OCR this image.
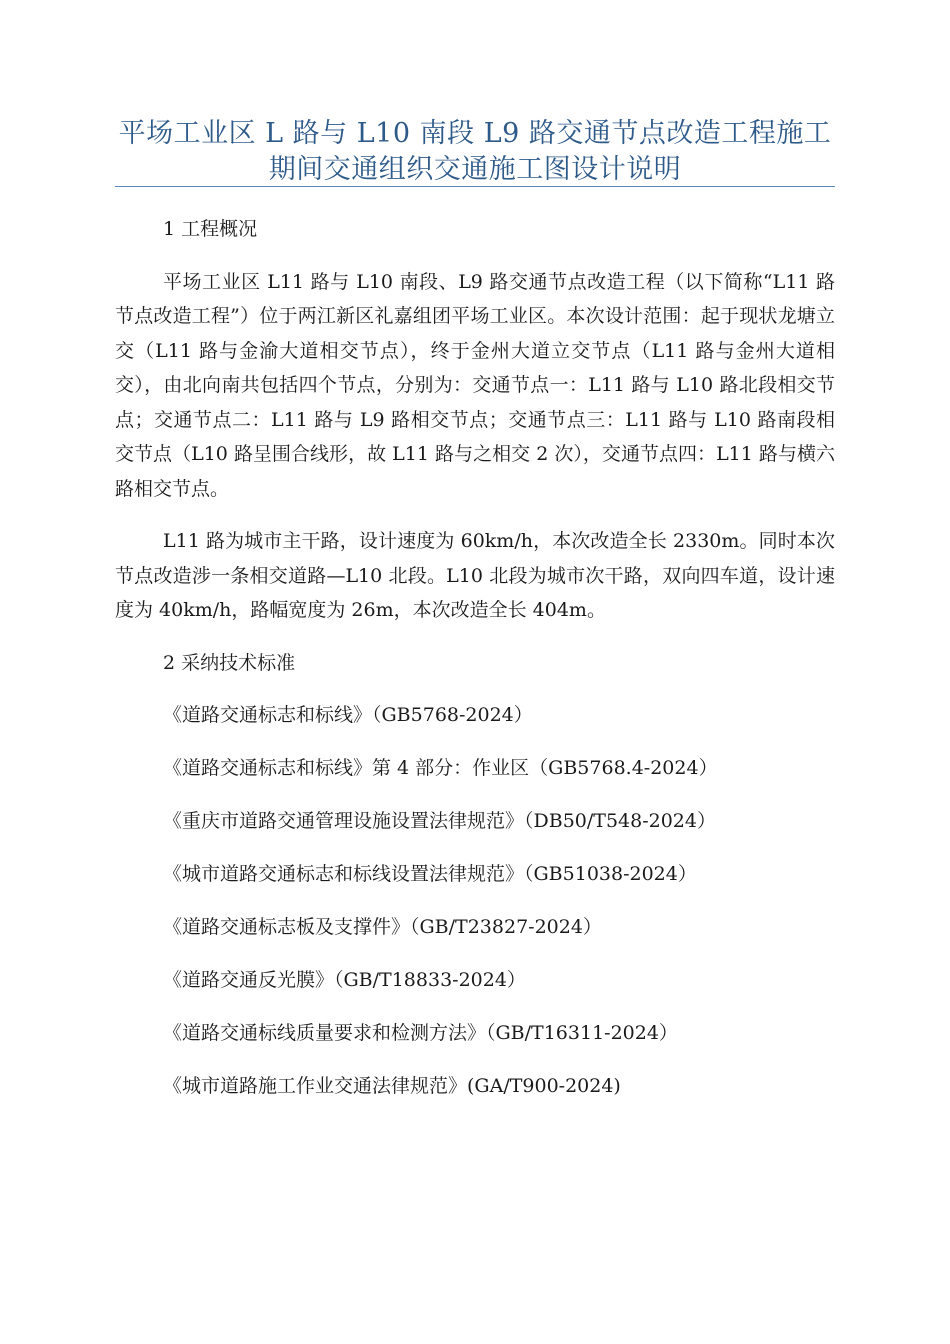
平场工业区 L 路与 L10 南段 L9 路交通节点改造工程施工
期间交通组织交通施工图设计说明
1 工程概况

平场工业区 L11 路与 L10 南段、L9 路交通节点改造工程（以下简称“L11 路节点改造工程”）位于两江新区礼嘉组团平场工业区。本次设计范围：起于现状龙塘立交（L11 路与金渝大道相交节点），终于金州大道立交节点（L11 路与金州大道相交），由北向南共包括四个节点，分别为：交通节点一：L11 路与 L10 路北段相交节点；交通节点二：L11 路与 L9 路相交节点；交通节点三：L11 路与 L10 路南段相交节点（L10 路呈围合线形，故 L11 路与之相交 2 次），交通节点四：L11 路与横六路相交节点。

L11 路为城市主干路，设计速度为 60km/h，本次改造全长 2330m。同时本次节点改造涉一条相交道路—L10 北段。L10 北段为城市次干路，双向四车道，设计速度为 40km/h，路幅宽度为 26m，本次改造全长 404m。

2 采纳技术标准
《道路交通标志和标线》（GB5768-2024）
《道路交通标志和标线》第 4 部分：作业区（GB5768.4-2024）
《重庆市道路交通管理设施设置法律规范》（DB50/T548-2024）
《城市道路交通标志和标线设置法律规范》（GB51038-2024）
《道路交通标志板及支撑件》（GB/T23827-2024）
《道路交通反光膜》（GB/T18833-2024）
《道路交通标线质量要求和检测方法》（GB/T16311-2024）
《城市道路施工作业交通法律规范》(GA/T900-2024)
